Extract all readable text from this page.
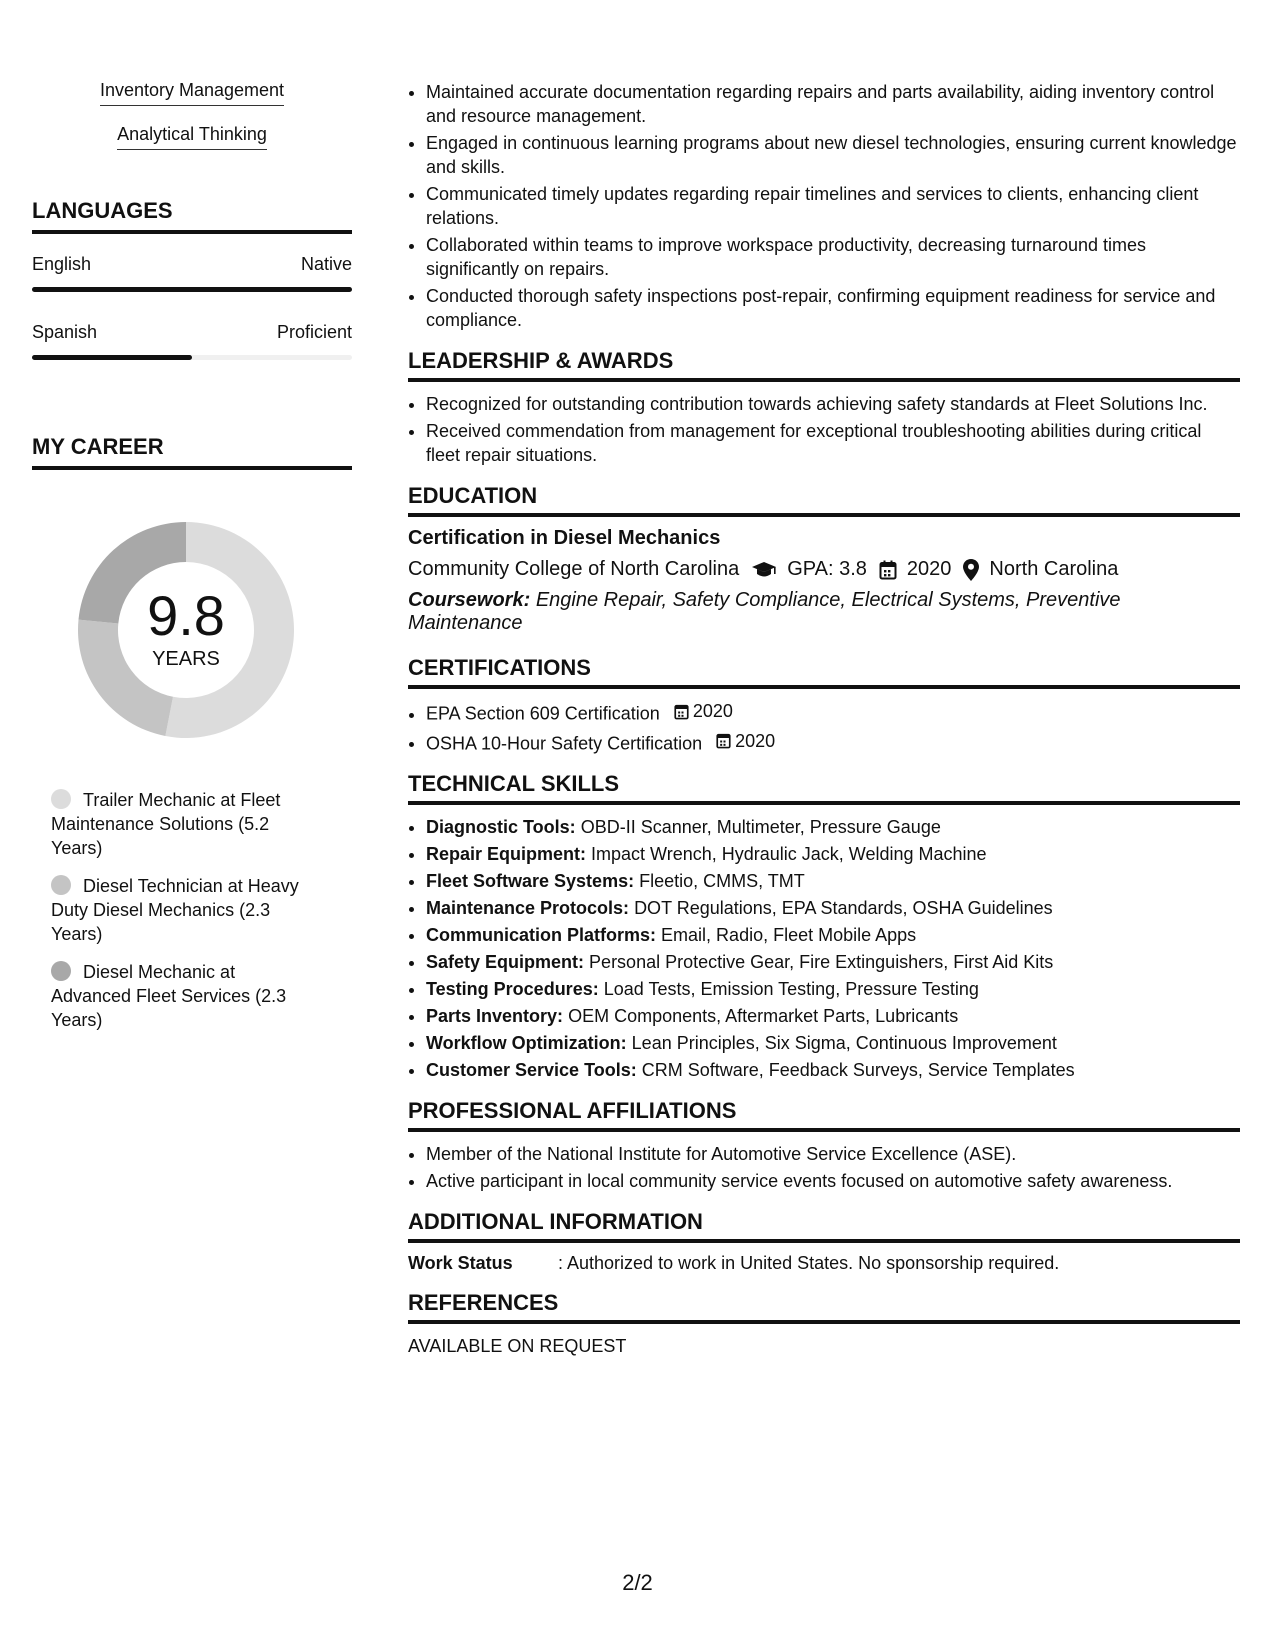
Inventory Management
Analytical Thinking
LANGUAGES
English	Native
Spanish	Proficient
MY CAREER
9.8
YEARS
Trailer Mechanic at Fleet Maintenance Solutions (5.2 Years)
Diesel Technician at Heavy Duty Diesel Mechanics (2.3 Years)
Diesel Mechanic at Advanced Fleet Services (2.3 Years)
• Maintained accurate documentation regarding repairs and parts availability, aiding inventory control and resource management.
• Engaged in continuous learning programs about new diesel technologies, ensuring current knowledge and skills.
• Communicated timely updates regarding repair timelines and services to clients, enhancing client relations.
• Collaborated within teams to improve workspace productivity, decreasing turnaround times significantly on repairs.
• Conducted thorough safety inspections post-repair, confirming equipment readiness for service and compliance.
LEADERSHIP & AWARDS
• Recognized for outstanding contribution towards achieving safety standards at Fleet Solutions Inc.
• Received commendation from management for exceptional troubleshooting abilities during critical fleet repair situations.
EDUCATION
Certification in Diesel Mechanics
Community College of North Carolina GPA: 3.8 2020 North Carolina
Coursework: Engine Repair, Safety Compliance, Electrical Systems, Preventive Maintenance
CERTIFICATIONS
• EPA Section 609 Certification 2020
• OSHA 10-Hour Safety Certification 2020
TECHNICAL SKILLS
• Diagnostic Tools: OBD-II Scanner, Multimeter, Pressure Gauge
• Repair Equipment: Impact Wrench, Hydraulic Jack, Welding Machine
• Fleet Software Systems: Fleetio, CMMS, TMT
• Maintenance Protocols: DOT Regulations, EPA Standards, OSHA Guidelines
• Communication Platforms: Email, Radio, Fleet Mobile Apps
• Safety Equipment: Personal Protective Gear, Fire Extinguishers, First Aid Kits
• Testing Procedures: Load Tests, Emission Testing, Pressure Testing
• Parts Inventory: OEM Components, Aftermarket Parts, Lubricants
• Workflow Optimization: Lean Principles, Six Sigma, Continuous Improvement
• Customer Service Tools: CRM Software, Feedback Surveys, Service Templates
PROFESSIONAL AFFILIATIONS
• Member of the National Institute for Automotive Service Excellence (ASE).
• Active participant in local community service events focused on automotive safety awareness.
ADDITIONAL INFORMATION
Work Status	: Authorized to work in United States. No sponsorship required.
REFERENCES
AVAILABLE ON REQUEST
2/2
